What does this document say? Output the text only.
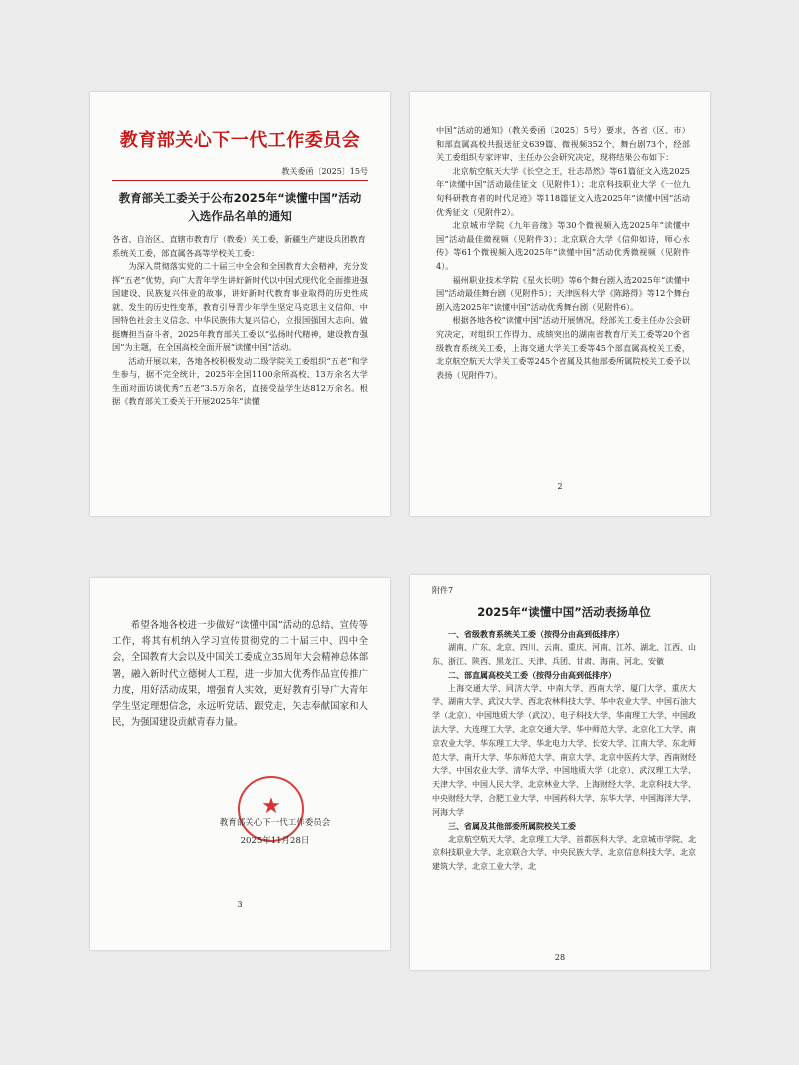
教育部关心下一代工作委员会
教关委函〔2025〕15号
教育部关工委关于公布2025年“读懂中国”活动
入选作品名单的通知
各省、自治区、直辖市教育厅（教委）关工委，新疆生产建设兵团教育系统关工委，部直属各高等学校关工委：

为深入贯彻落实党的二十届三中全会和全国教育大会精神，充分发挥“五老”优势，向广大青年学生讲好新时代以中国式现代化全面推进强国建设、民族复兴伟业的故事，讲好新时代教育事业取得的历史性成就、发生的历史性变革，教育引导青少年学生坚定马克思主义信仰、中国特色社会主义信念、中华民族伟大复兴信心，立报国强国大志向、做挺膺担当奋斗者，2025年教育部关工委以“弘扬时代精神，建设教育强国”为主题，在全国高校全面开展“读懂中国”活动。

活动开展以来，各地各校积极发动二级学院关工委组织“五老”和学生参与，据不完全统计，2025年全国1100余所高校、13万余名大学生面对面访谈优秀“五老”3.5万余名，直接受益学生达812万余名。根据《教育部关工委关于开展2025年“读懂

中国”活动的通知》（教关委函〔2025〕5号）要求，各省（区、市）和部直属高校共报送征文639篇、微视频352个、舞台剧73个，经部关工委组织专家评审、主任办公会研究决定，现将结果公布如下：

北京航空航天大学《长空之王，壮志昂然》等61篇征文入选2025年“读懂中国”活动最佳征文（见附件1）；北京科技职业大学《一位九旬科研教育者的时代足迹》等118篇征文入选2025年“读懂中国”活动优秀征文（见附件2）。

北京城市学院《九年音缘》等30个微视频入选2025年“读懂中国”活动最佳微视频（见附件3）；北京联合大学《信仰如诗，师心永传》等61个微视频入选2025年“读懂中国”活动优秀微视频（见附件4）。

福州职业技术学院《星火长明》等6个舞台剧入选2025年“读懂中国”活动最佳舞台剧（见附件5）；天津医科大学《陈路得》等12个舞台剧入选2025年“读懂中国”活动优秀舞台剧（见附件6）。

根据各地各校“读懂中国”活动开展情况，经部关工委主任办公会研究决定，对组织工作得力、成绩突出的湖南省教育厅关工委等20个省级教育系统关工委，上海交通大学关工委等45个部直属高校关工委，北京航空航天大学关工委等245个省属及其他部委所属院校关工委予以表扬（见附件7）。

2

希望各地各校进一步做好“读懂中国”活动的总结、宣传等工作，将其有机纳入学习宣传贯彻党的二十届三中、四中全会，全国教育大会以及中国关工委成立35周年大会精神总体部署，融入新时代立德树人工程，进一步加大优秀作品宣传推广力度，用好活动成果，增强育人实效，更好教育引导广大青年学生坚定理想信念，永远听党话、跟党走，矢志奉献国家和人民，为强国建设贡献青春力量。

★
教育部关心下一代工作委员会
2025年11月28日
3
附件7
2025年“读懂中国”活动表扬单位
一、省级教育系统关工委（按得分由高到低排序）

湖南、广东、北京、四川、云南、重庆、河南、江苏、湖北、江西、山东、浙江、陕西、黑龙江、天津、兵团、甘肃、海南、河北、安徽

二、部直属高校关工委（按得分由高到低排序）

上海交通大学、同济大学、中南大学、西南大学、厦门大学、重庆大学、湖南大学、武汉大学、西北农林科技大学、华中农业大学、中国石油大学（北京）、中国地质大学（武汉）、电子科技大学、华南理工大学、中国政法大学、大连理工大学、北京交通大学、华中师范大学、北京化工大学、南京农业大学、华东理工大学、华北电力大学、长安大学、江南大学、东北师范大学、南开大学、华东师范大学、南京大学、北京中医药大学、西南财经大学、中国农业大学、清华大学、中国地质大学（北京）、武汉理工大学、天津大学、中国人民大学、北京林业大学、上海财经大学、北京科技大学、中央财经大学、合肥工业大学、中国药科大学、东华大学、中国海洋大学、河海大学

三、省属及其他部委所属院校关工委

北京航空航天大学、北京理工大学、首都医科大学、北京城市学院、北京科技职业大学、北京联合大学、中央民族大学、北京信息科技大学、北京建筑大学、北京工业大学、北

28
